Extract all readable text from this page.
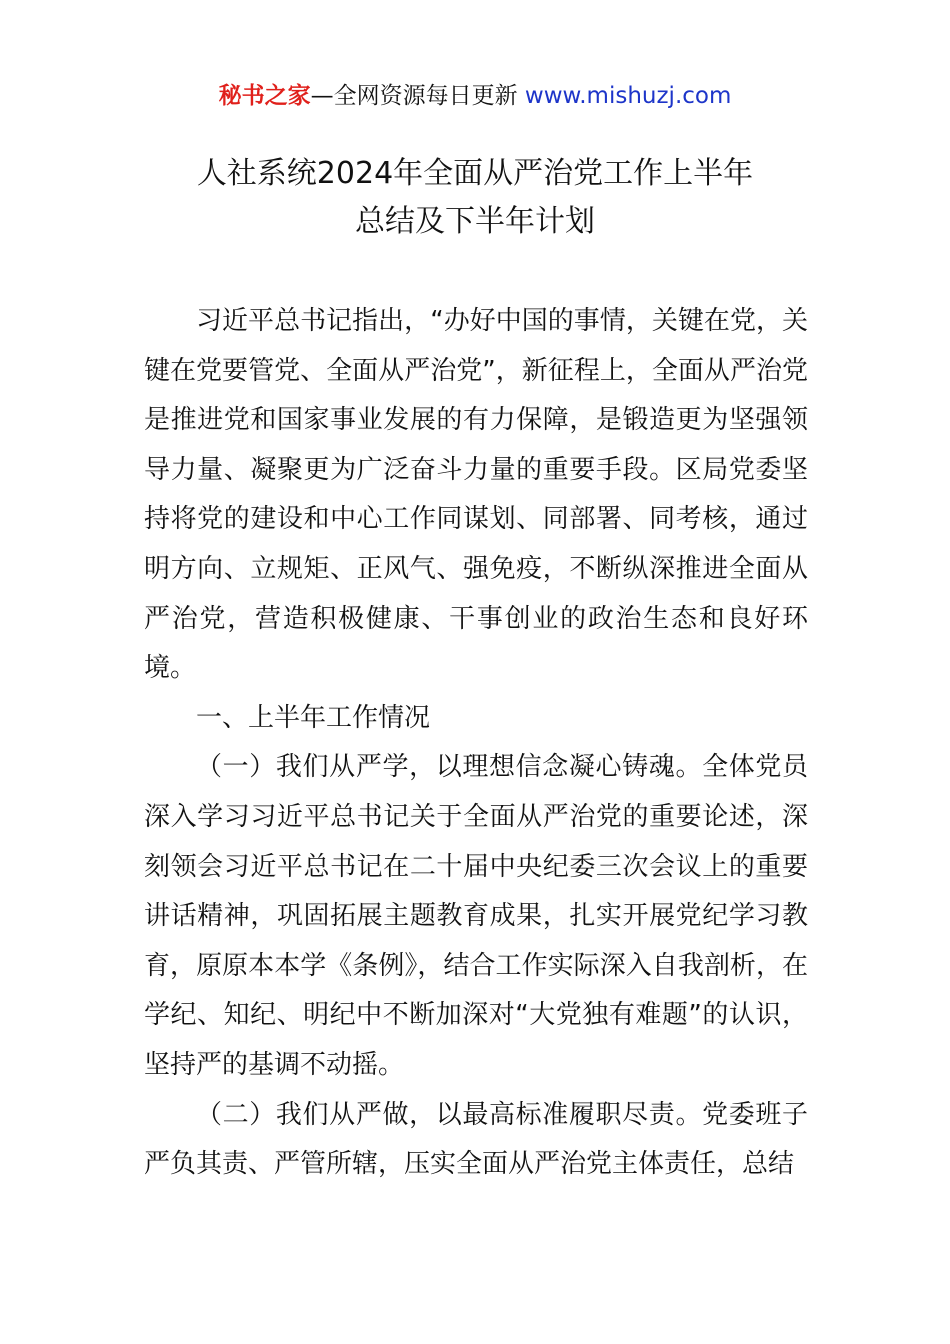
秘书之家—全网资源每日更新 www.mishuzj.com
人社系统2024年全面从严治党工作上半年
总结及下半年计划

习近平总书记指出，“办好中国的事情，关键在党，关键在党要管党、全面从严治党”，新征程上，全面从严治党是推进党和国家事业发展的有力保障，是锻造更为坚强领导力量、凝聚更为广泛奋斗力量的重要手段。区局党委坚持将党的建设和中心工作同谋划、同部署、同考核，通过明方向、立规矩、正风气、强免疫，不断纵深推进全面从严治党，营造积极健康、干事创业的政治生态和良好环境。

一、上半年工作情况

（一）我们从严学，以理想信念凝心铸魂。全体党员深入学习习近平总书记关于全面从严治党的重要论述，深刻领会习近平总书记在二十届中央纪委三次会议上的重要讲话精神，巩固拓展主题教育成果，扎实开展党纪学习教育，原原本本学《条例》，结合工作实际深入自我剖析，在学纪、知纪、明纪中不断加深对“大党独有难题”的认识，坚持严的基调不动摇。

（二）我们从严做，以最高标准履职尽责。党委班子严负其责、严管所辖，压实全面从严治党主体责任，总结
